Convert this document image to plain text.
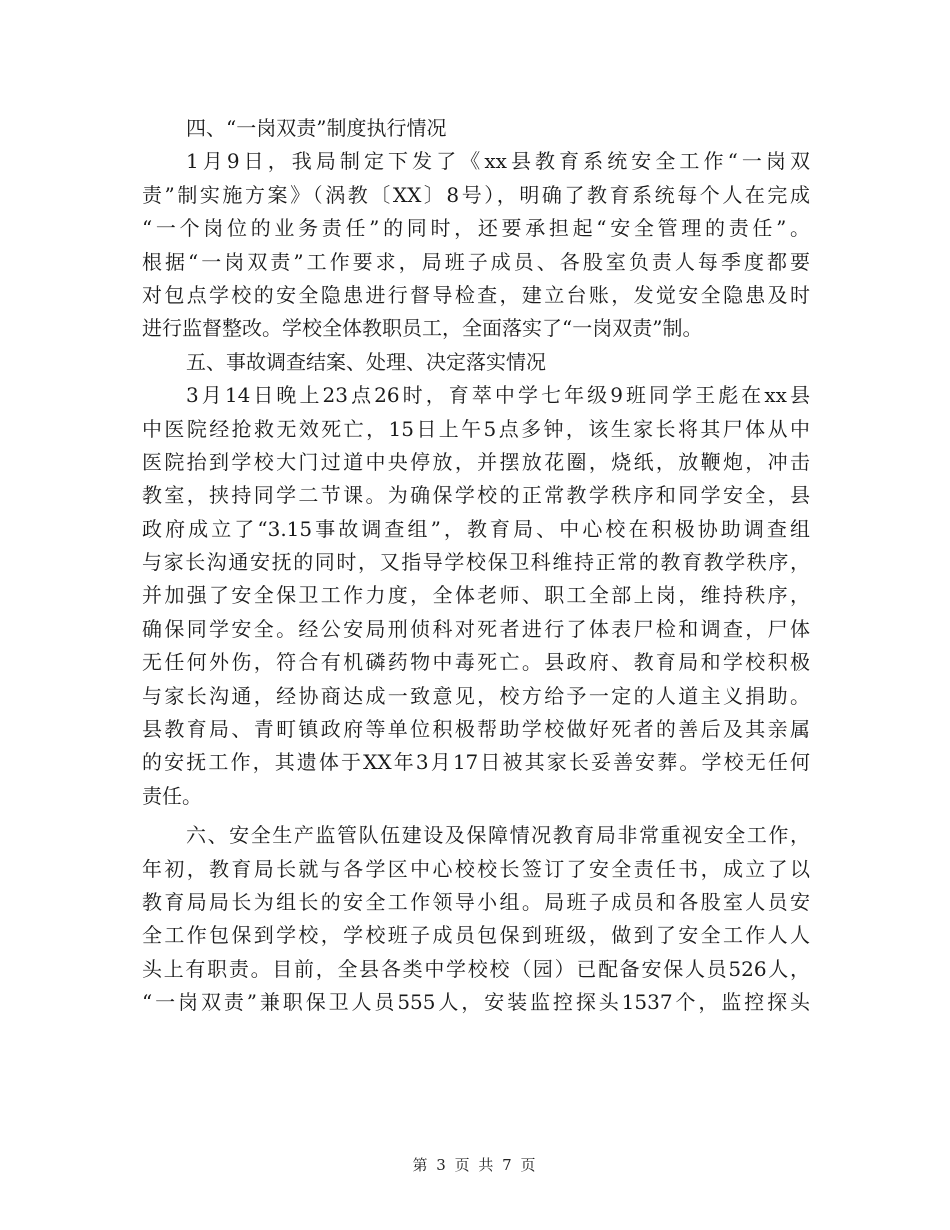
四、“一岗双责”制度执行情况
1月9日，我局制定下发了《xx县教育系统安全工作“一岗双
责”制实施方案》（涡教〔XX〕8号），明确了教育系统每个人在完成
“一个岗位的业务责任”的同时，还要承担起“安全管理的责任”。
根据“一岗双责”工作要求，局班子成员、各股室负责人每季度都要
对包点学校的安全隐患进行督导检查，建立台账，发觉安全隐患及时
进行监督整改。学校全体教职员工，全面落实了“一岗双责”制。
五、事故调查结案、处理、决定落实情况
3月14日晚上23点26时，育萃中学七年级9班同学王彪在xx县
中医院经抢救无效死亡，15日上午5点多钟，该生家长将其尸体从中
医院抬到学校大门过道中央停放，并摆放花圈，烧纸，放鞭炮，冲击
教室，挟持同学二节课。为确保学校的正常教学秩序和同学安全，县
政府成立了“3.15事故调查组”，教育局、中心校在积极协助调查组
与家长沟通安抚的同时，又指导学校保卫科维持正常的教育教学秩序，
并加强了安全保卫工作力度，全体老师、职工全部上岗，维持秩序，
确保同学安全。经公安局刑侦科对死者进行了体表尸检和调查，尸体
无任何外伤，符合有机磷药物中毒死亡。县政府、教育局和学校积极
与家长沟通，经协商达成一致意见，校方给予一定的人道主义捐助。
县教育局、青町镇政府等单位积极帮助学校做好死者的善后及其亲属
的安抚工作，其遗体于XX年3月17日被其家长妥善安葬。学校无任何
责任。
六、安全生产监管队伍建设及保障情况教育局非常重视安全工作，
年初，教育局长就与各学区中心校校长签订了安全责任书，成立了以
教育局局长为组长的安全工作领导小组。局班子成员和各股室人员安
全工作包保到学校，学校班子成员包保到班级，做到了安全工作人人
头上有职责。目前，全县各类中学校校（园）已配备安保人员526人，
“一岗双责”兼职保卫人员555人，安装监控探头1537个，监控探头
第 3 页 共 7 页
